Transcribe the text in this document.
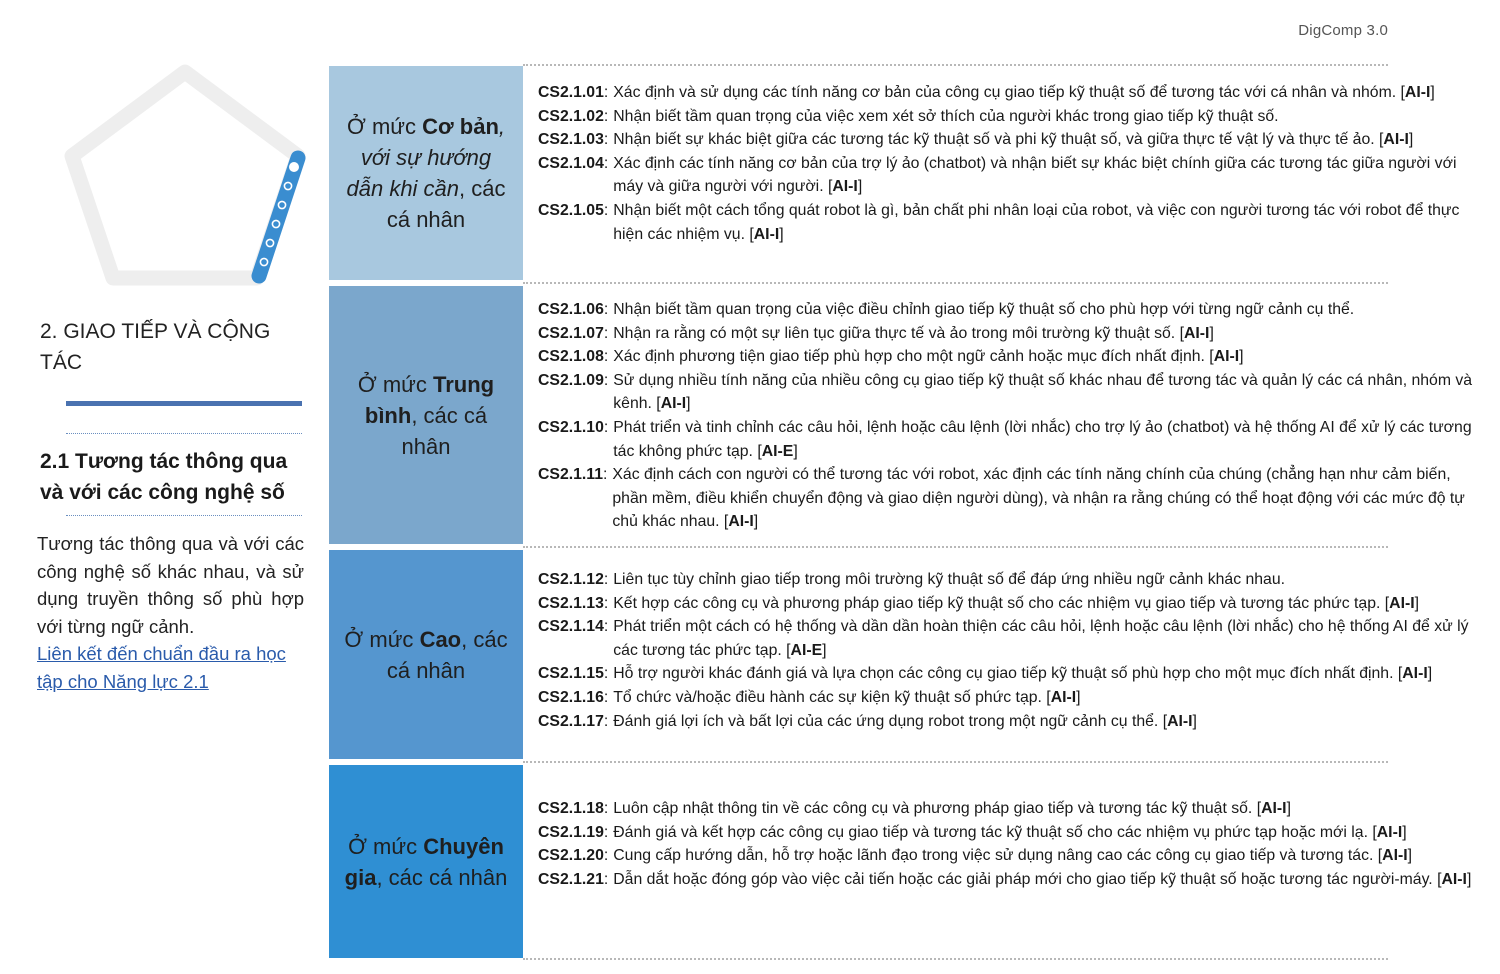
DigComp 3.0
2. GIAO TIẾP VÀ CỘNG TÁC
2.1 Tương tác thông qua và với các công nghệ số
Tương tác thông qua và với các công nghệ số khác nhau, và sử dụng truyền thông số phù hợp với từng ngữ cảnh.
Liên kết đến chuẩn đầu ra học tập cho Năng lực 2.1
Ở mức Cơ bản, với sự hướng dẫn khi cần, các cá nhân
Ở mức Trung bình, các cá nhân
Ở mức Cao, các cá nhân
Ở mức Chuyên gia, các cá nhân
CS2.1.01 : Xác định và sử dụng các tính năng cơ bản của công cụ giao tiếp kỹ thuật số để tương tác với cá nhân và nhóm. [AI-I]
CS2.1.02 : Nhận biết tầm quan trọng của việc xem xét sở thích của người khác trong giao tiếp kỹ thuật số.
CS2.1.03 : Nhận biết sự khác biệt giữa các tương tác kỹ thuật số và phi kỹ thuật số, và giữa thực tế vật lý và thực tế ảo. [AI-I]
CS2.1.04 : Xác định các tính năng cơ bản của trợ lý ảo (chatbot) và nhận biết sự khác biệt chính giữa các tương tác giữa người với máy và giữa người với người. [AI-I]
CS2.1.05 : Nhận biết một cách tổng quát robot là gì, bản chất phi nhân loại của robot, và việc con người tương tác với robot để thực hiện các nhiệm vụ. [AI-I]
CS2.1.06 : Nhận biết tầm quan trọng của việc điều chỉnh giao tiếp kỹ thuật số cho phù hợp với từng ngữ cảnh cụ thể.
CS2.1.07 : Nhận ra rằng có một sự liên tục giữa thực tế và ảo trong môi trường kỹ thuật số. [AI-I]
CS2.1.08 : Xác định phương tiện giao tiếp phù hợp cho một ngữ cảnh hoặc mục đích nhất định. [AI-I]
CS2.1.09 : Sử dụng nhiều tính năng của nhiều công cụ giao tiếp kỹ thuật số khác nhau để tương tác và quản lý các cá nhân, nhóm và kênh. [AI-I]
CS2.1.10 : Phát triển và tinh chỉnh các câu hỏi, lệnh hoặc câu lệnh (lời nhắc) cho trợ lý ảo (chatbot) và hệ thống AI để xử lý các tương tác không phức tạp. [AI-E]
CS2.1.11 : Xác định cách con người có thể tương tác với robot, xác định các tính năng chính của chúng (chẳng hạn như cảm biến, phần mềm, điều khiển chuyển động và giao diện người dùng), và nhận ra rằng chúng có thể hoạt động với các mức độ tự chủ khác nhau. [AI-I]
CS2.1.12 : Liên tục tùy chỉnh giao tiếp trong môi trường kỹ thuật số để đáp ứng nhiều ngữ cảnh khác nhau.
CS2.1.13 : Kết hợp các công cụ và phương pháp giao tiếp kỹ thuật số cho các nhiệm vụ giao tiếp và tương tác phức tạp. [AI-I]
CS2.1.14 : Phát triển một cách có hệ thống và dần dần hoàn thiện các câu hỏi, lệnh hoặc câu lệnh (lời nhắc) cho hệ thống AI để xử lý các tương tác phức tạp. [AI-E]
CS2.1.15 : Hỗ trợ người khác đánh giá và lựa chọn các công cụ giao tiếp kỹ thuật số phù hợp cho một mục đích nhất định. [AI-I]
CS2.1.16 : Tổ chức và/hoặc điều hành các sự kiện kỹ thuật số phức tạp. [AI-I]
CS2.1.17 : Đánh giá lợi ích và bất lợi của các ứng dụng robot trong một ngữ cảnh cụ thể. [AI-I]
CS2.1.18 : Luôn cập nhật thông tin về các công cụ và phương pháp giao tiếp và tương tác kỹ thuật số. [AI-I]
CS2.1.19 : Đánh giá và kết hợp các công cụ giao tiếp và tương tác kỹ thuật số cho các nhiệm vụ phức tạp hoặc mới lạ. [AI-I]
CS2.1.20 : Cung cấp hướng dẫn, hỗ trợ hoặc lãnh đạo trong việc sử dụng nâng cao các công cụ giao tiếp và tương tác. [AI-I]
CS2.1.21 : Dẫn dắt hoặc đóng góp vào việc cải tiến hoặc các giải pháp mới cho giao tiếp kỹ thuật số hoặc tương tác người-máy. [AI-I]
